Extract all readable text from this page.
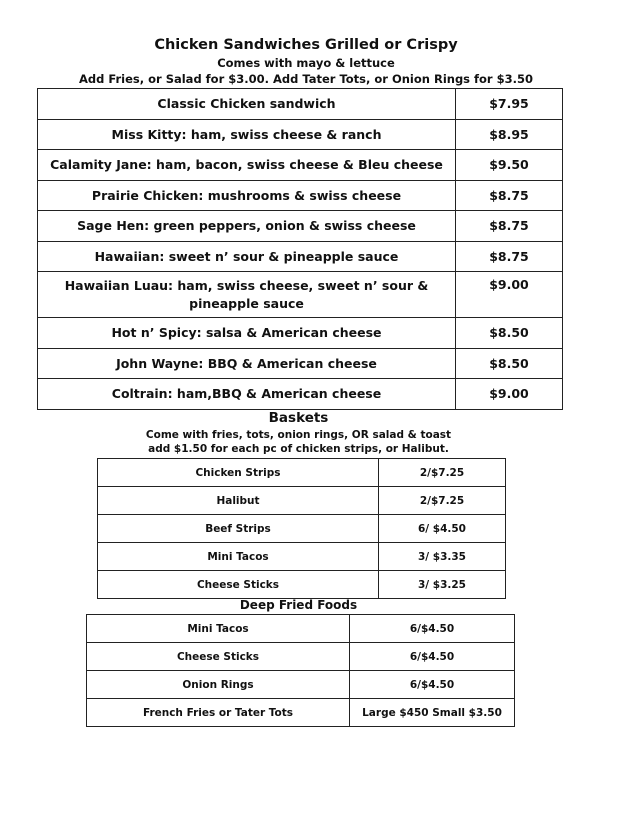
Chicken Sandwiches Grilled or Crispy
Comes with mayo & lettuce
Add Fries, or Salad for $3.00. Add Tater Tots, or Onion Rings for $3.50
Classic Chicken sandwich	$7.95
Miss Kitty: ham, swiss cheese & ranch	$8.95
Calamity Jane: ham, bacon, swiss cheese & Bleu cheese	$9.50
Prairie Chicken: mushrooms & swiss cheese	$8.75
Sage Hen: green peppers, onion & swiss cheese	$8.75
Hawaiian: sweet n’ sour & pineapple sauce	$8.75
Hawaiian Luau: ham, swiss cheese, sweet n’ sour & pineapple sauce	$9.00
Hot n’ Spicy: salsa & American cheese	$8.50
John Wayne: BBQ & American cheese	$8.50
Coltrain: ham,BBQ & American cheese	$9.00
Baskets
Come with fries, tots, onion rings, OR salad & toast
add $1.50 for each pc of chicken strips, or Halibut.
Chicken Strips	2/$7.25
Halibut	2/$7.25
Beef Strips	6/ $4.50
Mini Tacos	3/ $3.35
Cheese Sticks	3/ $3.25
Deep Fried Foods
Mini Tacos	6/$4.50
Cheese Sticks	6/$4.50
Onion Rings	6/$4.50
French Fries or Tater Tots	Large $450 Small $3.50
